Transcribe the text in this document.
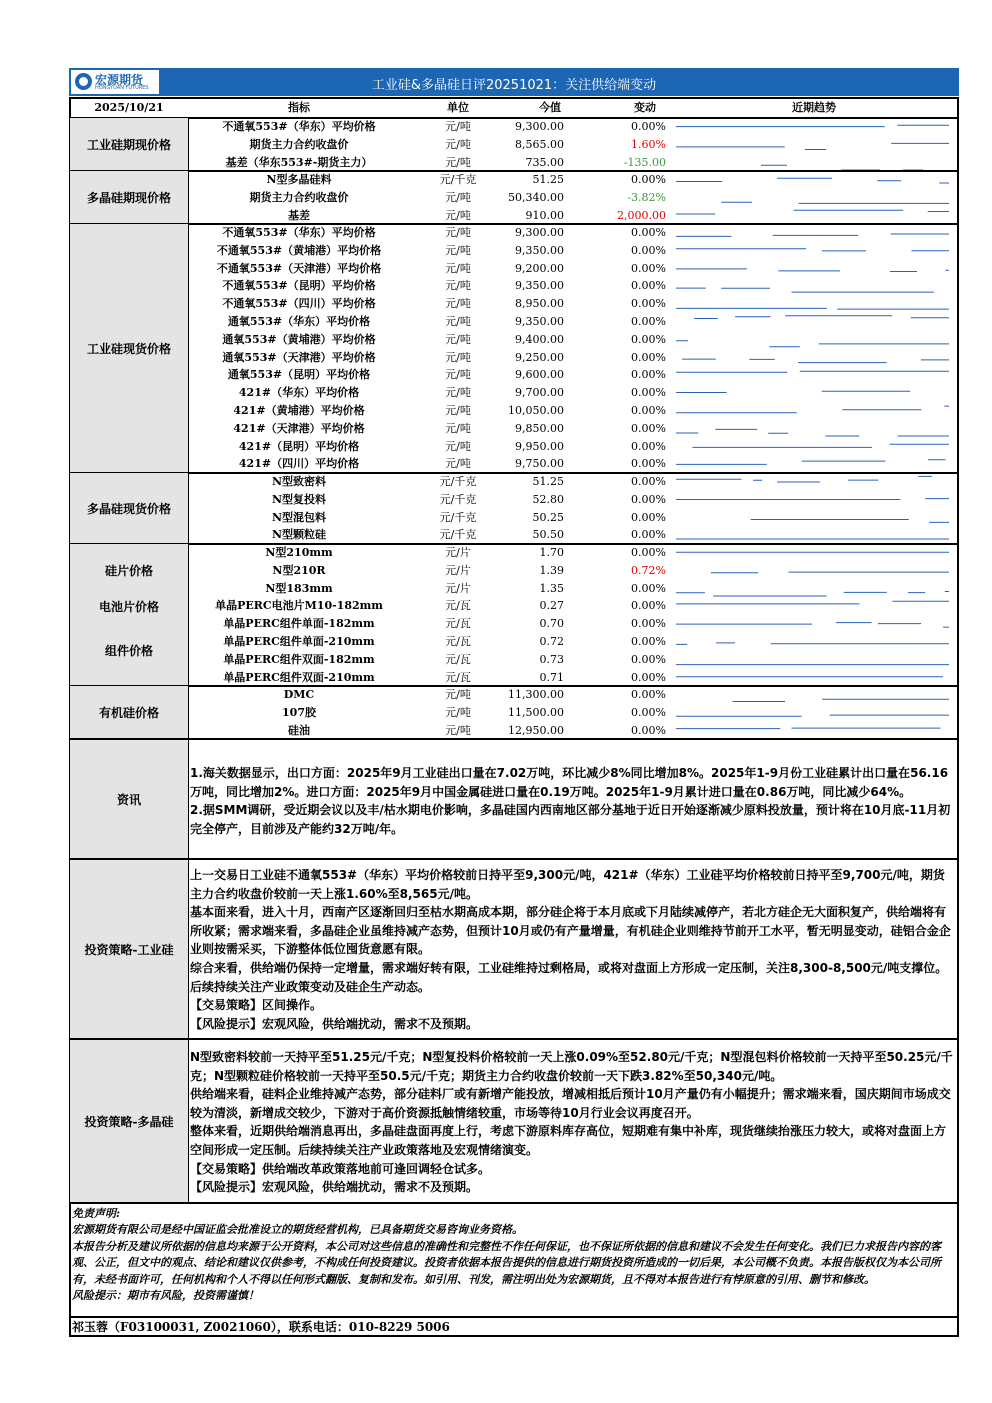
宏源期货
HONGYUAN FUTURES	工业硅&多晶硅日评20251021：关注供给端变动
2025/10/21	指标	单位	今值	变动	近期趋势
工业硅期现价格
不通氧553#（华东）平均价格	元/吨	9,300.00	0.00%
期货主力合约收盘价	元/吨	8,565.00	1.60%
基差（华东553#-期货主力）	元/吨	735.00	-135.00
多晶硅期现价格
N型多晶硅料	元/千克	51.25	0.00%
期货主力合约收盘价	元/吨	50,340.00	-3.82%
基差	元/吨	910.00	2,000.00
工业硅现货价格
不通氧553#（华东）平均价格	元/吨	9,300.00	0.00%
不通氧553#（黄埔港）平均价格	元/吨	9,350.00	0.00%
不通氧553#（天津港）平均价格	元/吨	9,200.00	0.00%
不通氧553#（昆明）平均价格	元/吨	9,350.00	0.00%
不通氧553#（四川）平均价格	元/吨	8,950.00	0.00%
通氧553#（华东）平均价格	元/吨	9,350.00	0.00%
通氧553#（黄埔港）平均价格	元/吨	9,400.00	0.00%
通氧553#（天津港）平均价格	元/吨	9,250.00	0.00%
通氧553#（昆明）平均价格	元/吨	9,600.00	0.00%
421#（华东）平均价格	元/吨	9,700.00	0.00%
421#（黄埔港）平均价格	元/吨	10,050.00	0.00%
421#（天津港）平均价格	元/吨	9,850.00	0.00%
421#（昆明）平均价格	元/吨	9,950.00	0.00%
421#（四川）平均价格	元/吨	9,750.00	0.00%
多晶硅现货价格
N型致密料	元/千克	51.25	0.00%
N型复投料	元/千克	52.80	0.00%
N型混包料	元/千克	50.25	0.00%
N型颗粒硅	元/千克	50.50	0.00%
硅片价格
电池片价格
组件价格
N型210mm	元/片	1.70	0.00%
N型210R	元/片	1.39	0.72%
N型183mm	元/片	1.35	0.00%
单晶PERC电池片M10-182mm	元/瓦	0.27	0.00%
单晶PERC组件单面-182mm	元/瓦	0.70	0.00%
单晶PERC组件单面-210mm	元/瓦	0.72	0.00%
单晶PERC组件双面-182mm	元/瓦	0.73	0.00%
单晶PERC组件双面-210mm	元/瓦	0.71	0.00%
有机硅价格
DMC	元/吨	11,300.00	0.00%
107胶	元/吨	11,500.00	0.00%
硅油	元/吨	12,950.00	0.00%
资讯

1.海关数据显示，出口方面：2025年9月工业硅出口量在7.02万吨，环比减少8%同比增加8%。2025年1-9月份工业硅累计出口量在56.16万吨，同比增加2%。进口方面：2025年9月中国金属硅进口量在0.19万吨。2025年1-9月累计进口量在0.86万吨，同比减少64%。

2.据SMM调研，受近期会议以及丰/枯水期电价影响，多晶硅国内西南地区部分基地于近日开始逐渐减少原料投放量，预计将在10月底-11月初完全停产，目前涉及产能约32万吨/年。

投资策略-工业硅

上一交易日工业硅不通氧553#（华东）平均价格较前日持平至9,300元/吨，421#（华东）工业硅平均价格较前日持平至9,700元/吨，期货主力合约收盘价较前一天上涨1.60%至8,565元/吨。

基本面来看，进入十月，西南产区逐渐回归至枯水期高成本期，部分硅企将于本月底或下月陆续减停产，若北方硅企无大面积复产，供给端将有所收紧；需求端来看，多晶硅企业虽维持减产态势，但预计10月或仍有产量增量，有机硅企业则维持节前开工水平，暂无明显变动，硅铝合金企业则按需采买，下游整体低位囤货意愿有限。

综合来看，供给端仍保持一定增量，需求端好转有限，工业硅维持过剩格局，或将对盘面上方形成一定压制，关注8,300-8,500元/吨支撑位。后续持续关注产业政策变动及硅企生产动态。

【交易策略】区间操作。

【风险提示】宏观风险，供给端扰动，需求不及预期。

投资策略-多晶硅

N型致密料较前一天持平至51.25元/千克；N型复投料价格较前一天上涨0.09%至52.80元/千克；N型混包料价格较前一天持平至50.25元/千克；N型颗粒硅价格较前一天持平至50.5元/千克；期货主力合约收盘价较前一天下跌3.82%至50,340元/吨。

供给端来看，硅料企业维持减产态势，部分硅料厂或有新增产能投放，增减相抵后预计10月产量仍有小幅提升；需求端来看，国庆期间市场成交较为清淡，新增成交较少，下游对于高价资源抵触情绪较重，市场等待10月行业会议再度召开。

整体来看，近期供给端消息再出，多晶硅盘面再度上行，考虑下游原料库存高位，短期难有集中补库，现货继续抬涨压力较大，或将对盘面上方空间形成一定压制。后续持续关注产业政策落地及宏观情绪演变。

【交易策略】供给端改革政策落地前可逢回调轻仓试多。

【风险提示】宏观风险，供给端扰动，需求不及预期。

免责声明:

宏源期货有限公司是经中国证监会批准设立的期货经营机构，已具备期货交易咨询业务资格。

本报告分析及建议所依据的信息均来源于公开资料，本公司对这些信息的准确性和完整性不作任何保证，也不保证所依据的信息和建议不会发生任何变化。我们已力求报告内容的客观、公正，但文中的观点、结论和建议仅供参考，不构成任何投资建议。投资者依据本报告提供的信息进行期货投资所造成的一切后果，本公司概不负责。本报告版权仅为本公司所有，未经书面许可，任何机构和个人不得以任何形式翻版、复制和发布。如引用、刊发，需注明出处为宏源期货，且不得对本报告进行有悖原意的引用、删节和修改。

风险提示：期市有风险，投资需谨慎！

祁玉蓉（F03100031, Z0021060），联系电话：010-8229 5006
